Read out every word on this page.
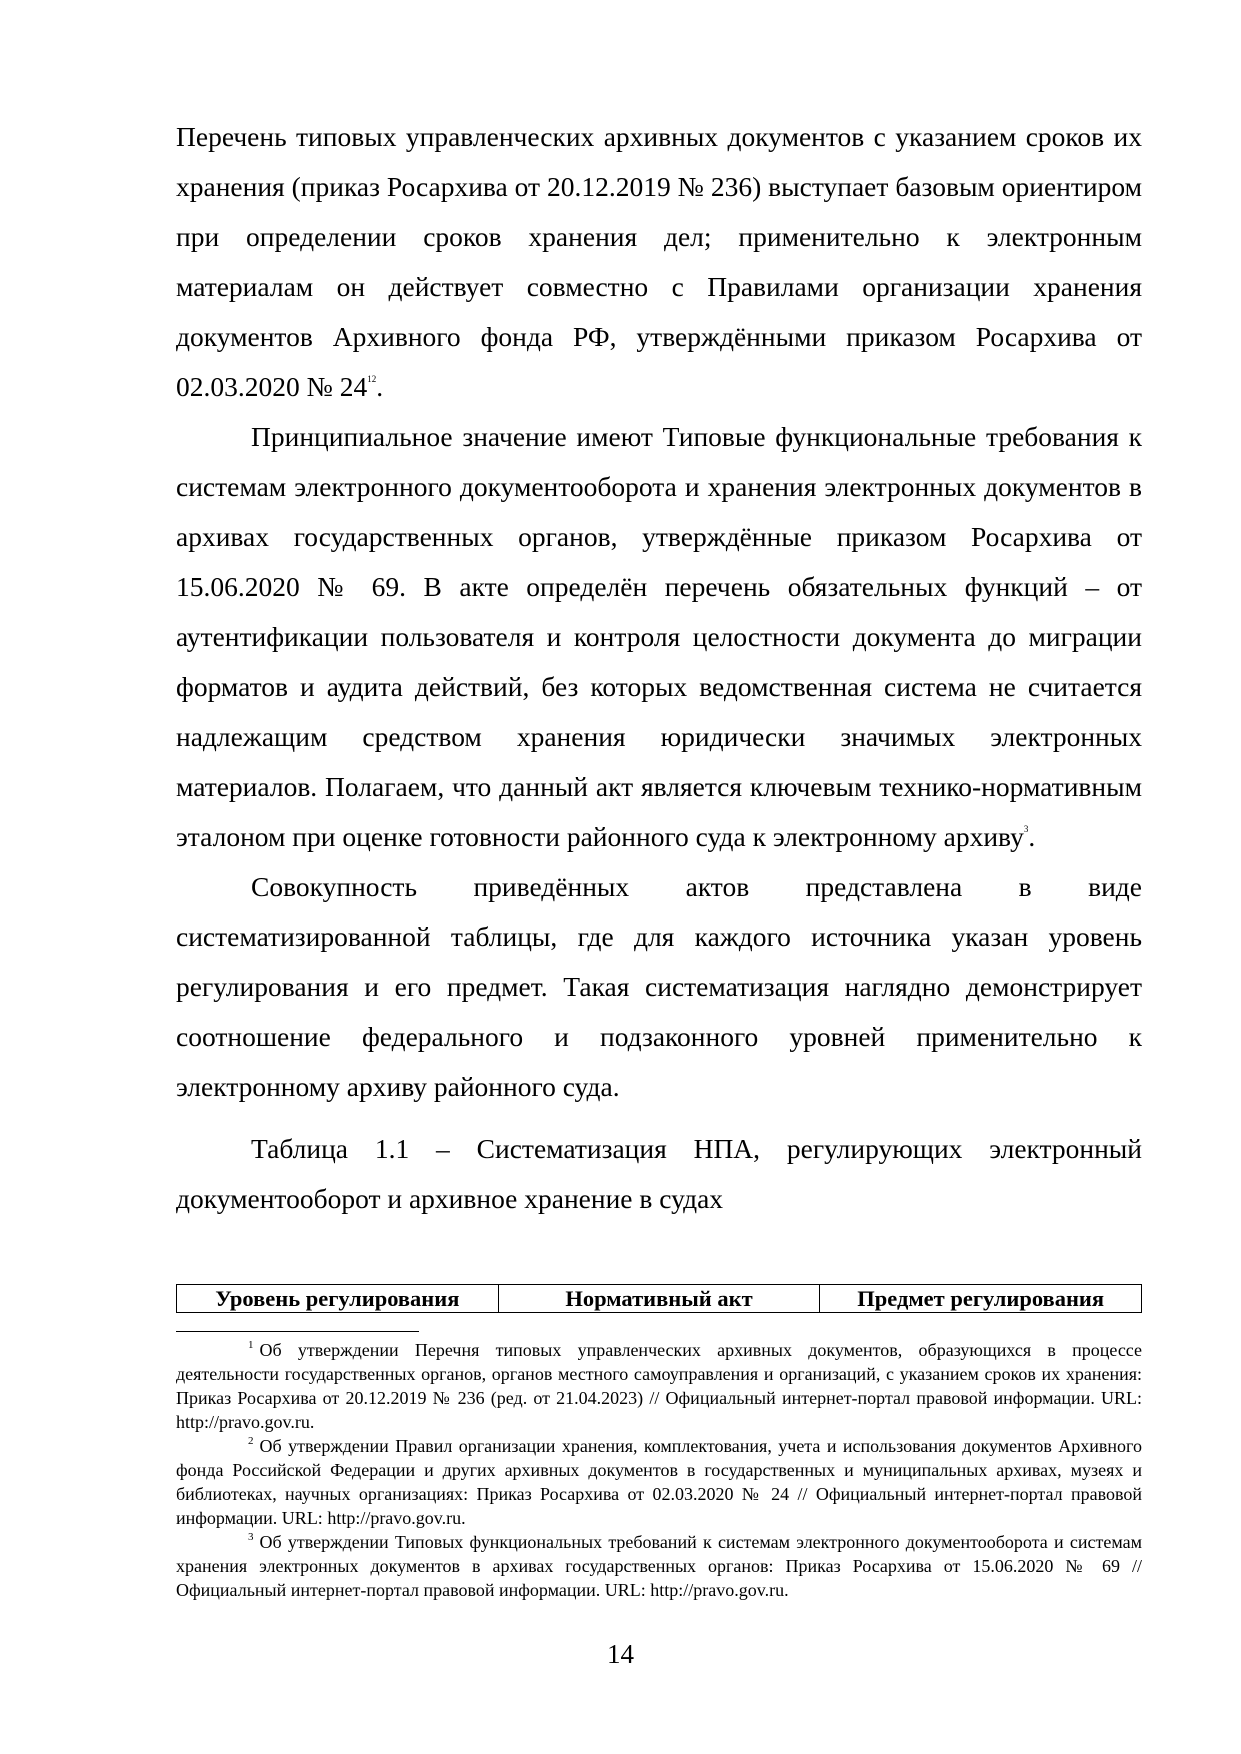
Перечень типовых управленческих архивных документов с указанием сроков их хранения (приказ Росархива от 20.12.2019 № 236) выступает базовым ориентиром при определении сроков хранения дел; применительно к электронным материалам он действует совместно с Правилами организации хранения документов Архивного фонда РФ, утверждёнными приказом Росархива от 02.03.2020 № 24$^{12}$.

Принципиальное значение имеют Типовые функциональные требования к системам электронного документооборота и хранения электронных документов в архивах государственных органов, утверждённые приказом Росархива от 15.06.2020 № 69. В акте определён перечень обязательных функций – от аутентификации пользователя и контроля целостности документа до миграции форматов и аудита действий, без которых ведомственная система не считается надлежащим средством хранения юридически значимых электронных материалов. Полагаем, что данный акт является ключевым технико-нормативным эталоном при оценке готовности районного суда к электронному архиву$^3$.

Совокупность приведённых актов представлена в виде систематизированной таблицы, где для каждого источника указан уровень регулирования и его предмет. Такая систематизация наглядно демонстрирует соотношение федерального и подзаконного уровней применительно к электронному архиву районного суда.

Таблица 1.1 – Систематизация НПА, регулирующих электронный документооборот и архивное хранение в судах

Уровень регулирования	Нормативный акт	Предмет регулирования

$^1$ Об утверждении Перечня типовых управленческих архивных документов, образующихся в процессе деятельности государственных органов, органов местного самоуправления и организаций, с указанием сроков их хранения: Приказ Росархива от 20.12.2019 № 236 (ред. от 21.04.2023) // Официальный интернет-портал правовой информации. URL: http://pravo.gov.ru.

$^2$ Об утверждении Правил организации хранения, комплектования, учета и использования документов Архивного фонда Российской Федерации и других архивных документов в государственных и муниципальных архивах, музеях и библиотеках, научных организациях: Приказ Росархива от 02.03.2020 № 24 // Официальный интернет-портал правовой информации. URL: http://pravo.gov.ru.

$^3$ Об утверждении Типовых функциональных требований к системам электронного документооборота и системам хранения электронных документов в архивах государственных органов: Приказ Росархива от 15.06.2020 № 69 // Официальный интернет-портал правовой информации. URL: http://pravo.gov.ru.

14
